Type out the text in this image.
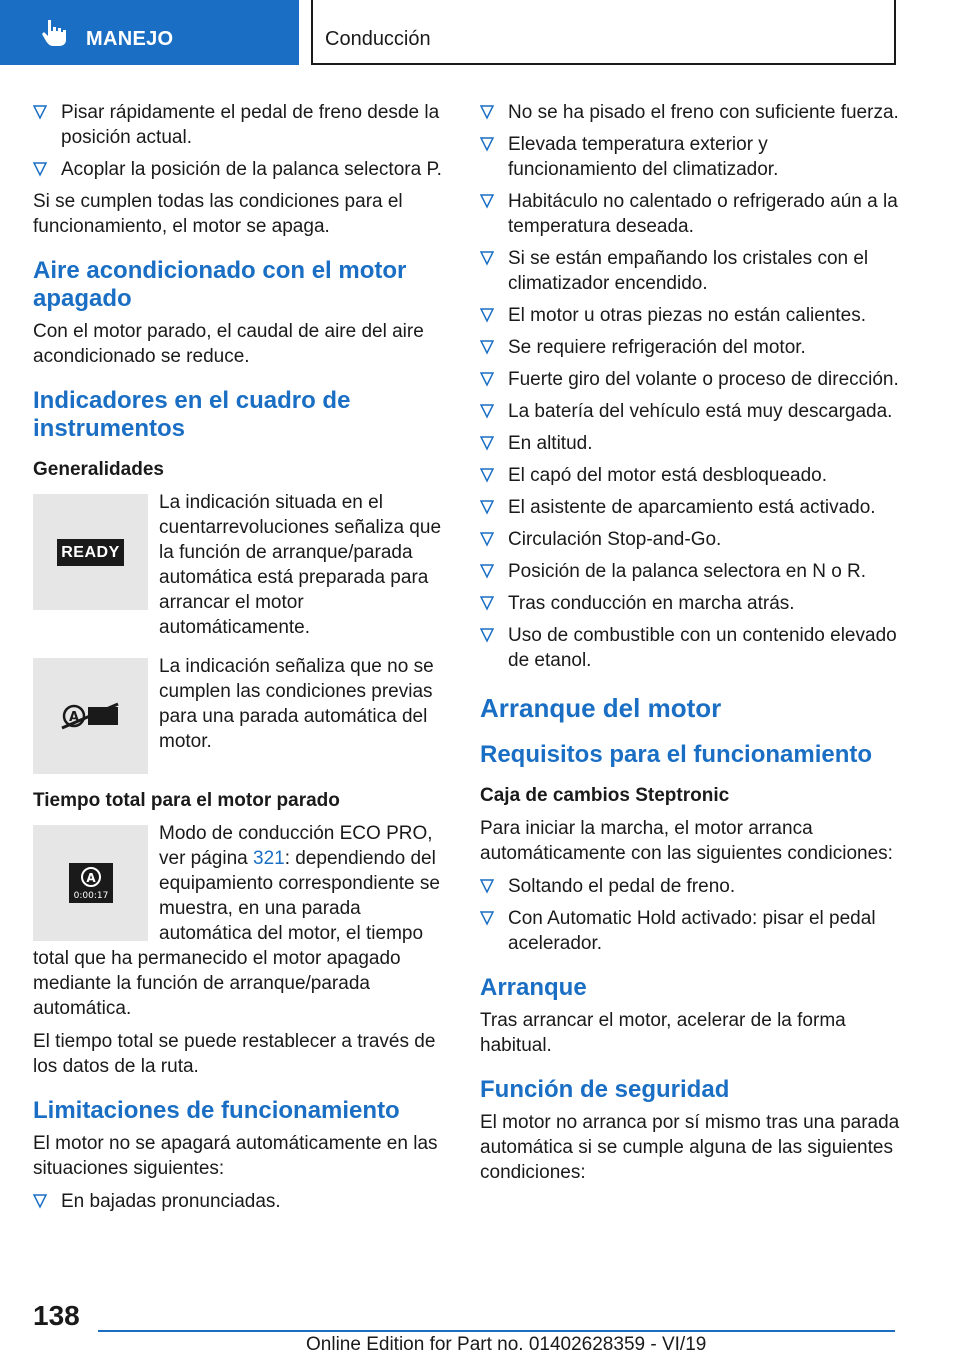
MANEJO	Conducción
Pisar rápidamente el pedal de freno desde la posición actual.
Acoplar la posición de la palanca selectora P.

Si se cumplen todas las condiciones para el funcionamiento, el motor se apaga.

Aire acondicionado con el motor apagado

Con el motor parado, el caudal de aire del aire acondicionado se reduce.

Indicadores en el cuadro de instrumentos
Generalidades
READY
La indicación situada en el cuentarrevoluciones señaliza que la función de arranque/parada automática está preparada para arrancar el motor automáticamente.
A
La indicación señaliza que no se cumplen las condiciones previas para una parada automática del motor.
Tiempo total para el motor parado
A
0:00:17

Modo de conducción ECO PRO, ver página 321: dependiendo del equipamiento correspondiente se muestra, en una parada automática del motor, el tiempo total que ha permanecido el motor apagado mediante la función de arranque/parada automática.

El tiempo total se puede restablecer a través de los datos de la ruta.

Limitaciones de funcionamiento

El motor no se apagará automáticamente en las situaciones siguientes:

En bajadas pronunciadas.
No se ha pisado el freno con suficiente fuerza.
Elevada temperatura exterior y funcionamiento del climatizador.
Habitáculo no calentado o refrigerado aún a la temperatura deseada.
Si se están empañando los cristales con el climatizador encendido.
El motor u otras piezas no están calientes.
Se requiere refrigeración del motor.
Fuerte giro del volante o proceso de dirección.
La batería del vehículo está muy descargada.
En altitud.
El capó del motor está desbloqueado.
El asistente de aparcamiento está activado.
Circulación Stop-and-Go.
Posición de la palanca selectora en N o R.
Tras conducción en marcha atrás.
Uso de combustible con un contenido elevado de etanol.
Arranque del motor
Requisitos para el funcionamiento
Caja de cambios Steptronic

Para iniciar la marcha, el motor arranca automáticamente con las siguientes condiciones:

Soltando el pedal de freno.
Con Automatic Hold activado: pisar el pedal acelerador.
Arranque

Tras arrancar el motor, acelerar de la forma habitual.

Función de seguridad

El motor no arranca por sí mismo tras una parada automática si se cumple alguna de las siguientes condiciones:

138
Online Edition for Part no. 01402628359 - VI/19
